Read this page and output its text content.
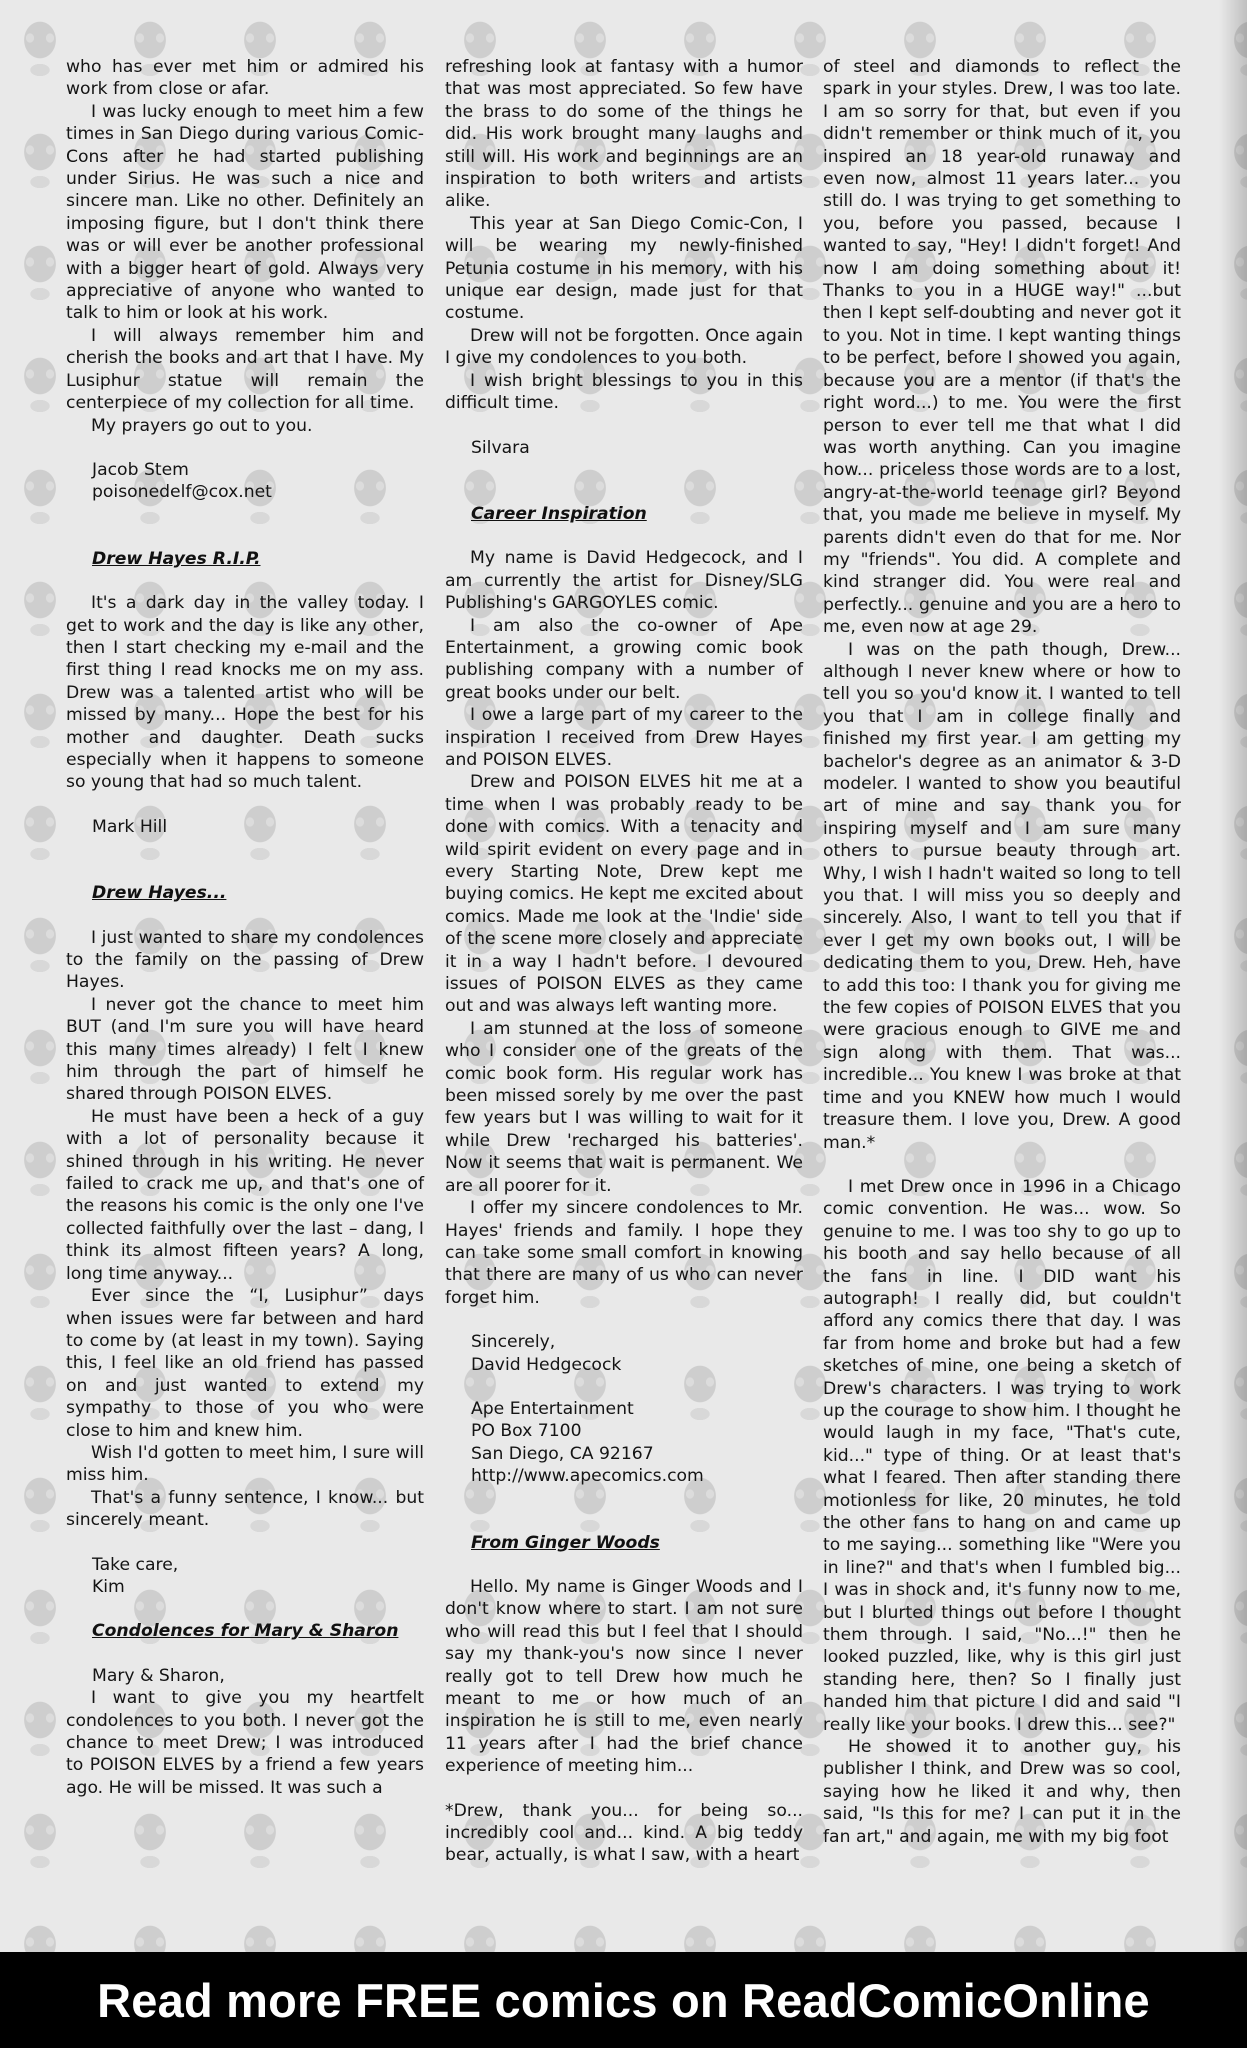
who has ever met him or admired his work from close or afar.

I was lucky enough to meet him a few times in San Diego during various Comic-Cons after he had started publishing under Sirius. He was such a nice and sincere man. Like no other. Definitely an imposing figure, but I don't think there was or will ever be another professional with a bigger heart of gold. Always very appreciative of anyone who wanted to talk to him or look at his work.

I will always remember him and cherish the books and art that I have. My Lusiphur statue will remain the centerpiece of my collection for all time.

My prayers go out to you.

Jacob Stem

poisonedelf@cox.net

Drew Hayes R.I.P.

It's a dark day in the valley today. I get to work and the day is like any other, then I start checking my e-mail and the first thing I read knocks me on my ass. Drew was a talented artist who will be missed by many... Hope the best for his mother and daughter. Death sucks especially when it happens to someone so young that had so much talent.

Mark Hill

Drew Hayes...

I just wanted to share my condolences to the family on the passing of Drew Hayes.

I never got the chance to meet him BUT (and I'm sure you will have heard this many times already) I felt I knew him through the part of himself he shared through POISON ELVES.

He must have been a heck of a guy with a lot of personality because it shined through in his writing. He never failed to crack me up, and that's one of the reasons his comic is the only one I've collected faithfully over the last – dang, I think its almost fifteen years? A long, long time anyway...

Ever since the “I, Lusiphur” days when issues were far between and hard to come by (at least in my town). Saying this, I feel like an old friend has passed on and just wanted to extend my sympathy to those of you who were close to him and knew him.

Wish I'd gotten to meet him, I sure will miss him.

That's a funny sentence, I know... but sincerely meant.

Take care,

Kim

Condolences for Mary & Sharon

Mary & Sharon,

I want to give you my heartfelt condolences to you both. I never got the chance to meet Drew; I was introduced to POISON ELVES by a friend a few years ago. He will be missed. It was such a

refreshing look at fantasy with a humor that was most appreciated. So few have the brass to do some of the things he did. His work brought many laughs and still will. His work and beginnings are an inspiration to both writers and artists alike.

This year at San Diego Comic-Con, I will be wearing my newly-finished Petunia costume in his memory, with his unique ear design, made just for that costume.

Drew will not be forgotten. Once again I give my condolences to you both.

I wish bright blessings to you in this difficult time.

Silvara

Career Inspiration

My name is David Hedgecock, and I am currently the artist for Disney/SLG Publishing's GARGOYLES comic.

I am also the co-owner of Ape Entertainment, a growing comic book publishing company with a number of great books under our belt.

I owe a large part of my career to the inspiration I received from Drew Hayes and POISON ELVES.

Drew and POISON ELVES hit me at a time when I was probably ready to be done with comics. With a tenacity and wild spirit evident on every page and in every Starting Note, Drew kept me buying comics. He kept me excited about comics. Made me look at the 'Indie' side of the scene more closely and appreciate it in a way I hadn't before. I devoured issues of POISON ELVES as they came out and was always left wanting more.

I am stunned at the loss of someone who I consider one of the greats of the comic book form. His regular work has been missed sorely by me over the past few years but I was willing to wait for it while Drew 'recharged his batteries'. Now it seems that wait is permanent. We are all poorer for it.

I offer my sincere condolences to Mr. Hayes' friends and family. I hope they can take some small comfort in knowing that there are many of us who can never forget him.

Sincerely,

David Hedgecock

Ape Entertainment

PO Box 7100

San Diego, CA 92167

http://www.apecomics.com

From Ginger Woods

Hello. My name is Ginger Woods and I don't know where to start. I am not sure who will read this but I feel that I should say my thank-you's now since I never really got to tell Drew how much he meant to me or how much of an inspiration he is still to me, even nearly 11 years after I had the brief chance experience of meeting him...

*Drew, thank you... for being so... incredibly cool and... kind. A big teddy bear, actually, is what I saw, with a heart

of steel and diamonds to reflect the spark in your styles. Drew, I was too late. I am so sorry for that, but even if you didn't remember or think much of it, you inspired an 18 year-old runaway and even now, almost 11 years later... you still do. I was trying to get something to you, before you passed, because I wanted to say, "Hey! I didn't forget! And now I am doing something about it! Thanks to you in a HUGE way!" ...but then I kept self-doubting and never got it to you. Not in time. I kept wanting things to be perfect, before I showed you again, because you are a mentor (if that's the right word...) to me. You were the first person to ever tell me that what I did was worth anything. Can you imagine how... priceless those words are to a lost, angry-at-the-world teenage girl? Beyond that, you made me believe in myself. My parents didn't even do that for me. Nor my "friends". You did. A complete and kind stranger did. You were real and perfectly... genuine and you are a hero to me, even now at age 29.

I was on the path though, Drew... although I never knew where or how to tell you so you'd know it. I wanted to tell you that I am in college finally and finished my first year. I am getting my bachelor's degree as an animator & 3-D modeler. I wanted to show you beautiful art of mine and say thank you for inspiring myself and I am sure many others to pursue beauty through art. Why, I wish I hadn't waited so long to tell you that. I will miss you so deeply and sincerely. Also, I want to tell you that if ever I get my own books out, I will be dedicating them to you, Drew. Heh, have to add this too: I thank you for giving me the few copies of POISON ELVES that you were gracious enough to GIVE me and sign along with them. That was... incredible... You knew I was broke at that time and you KNEW how much I would treasure them. I love you, Drew. A good man.*

I met Drew once in 1996 in a Chicago comic convention. He was... wow. So genuine to me. I was too shy to go up to his booth and say hello because of all the fans in line. I DID want his autograph! I really did, but couldn't afford any comics there that day. I was far from home and broke but had a few sketches of mine, one being a sketch of Drew's characters. I was trying to work up the courage to show him. I thought he would laugh in my face, "That's cute, kid..." type of thing. Or at least that's what I feared. Then after standing there motionless for like, 20 minutes, he told the other fans to hang on and came up to me saying... something like "Were you in line?" and that's when I fumbled big... I was in shock and, it's funny now to me, but I blurted things out before I thought them through. I said, "No...!" then he looked puzzled, like, why is this girl just standing here, then? So I finally just handed him that picture I did and said "I really like your books. I drew this... see?"

He showed it to another guy, his publisher I think, and Drew was so cool, saying how he liked it and why, then said, "Is this for me? I can put it in the fan art," and again, me with my big foot

Read more FREE comics on ReadComicOnline
